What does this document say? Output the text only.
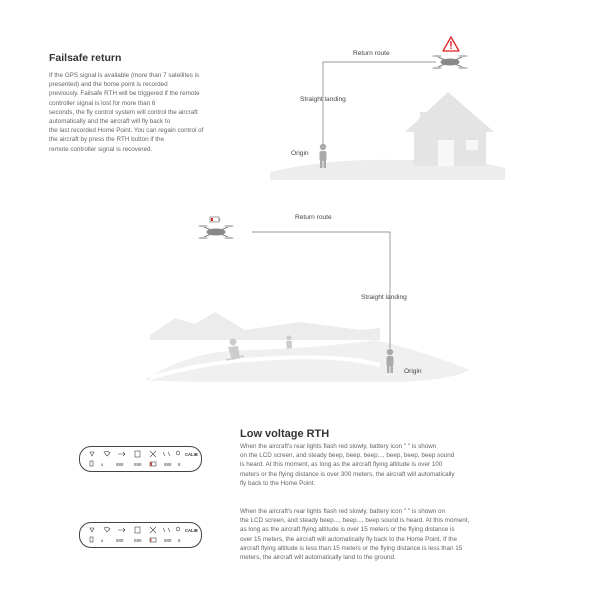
Failsafe return
If the GPS signal is available (more than 7 satellites is
presented) and the home point is recorded
previously. Failsafe RTH will be triggered if the remote
controller signal is lost for more than 6
seconds, the fly control system will control the aircraft
automatically and the aircraft will fly back to
the last recorded Home Point. You can regain control of
the aircraft by press the RTH button if the
remote controller signal is recovered.
Return route
Straight landing
Origin
Return route
Straight landing
Origin
Low voltage RTH
When the aircraft's rear lights flash red slowly, battery icon " " is shown
on the LCD screen, and steady beep, beep, beep..., beep, beep, beep sound
is heard. At this moment, as long as the aircraft flying altitude is over 100
meters or the flying distance is over 300 meters, the aircraft will automatically
fly back to the Home Point.
When the aircraft's rear lights flash red slowly, battery icon " " is shown on
the LCD screen, and steady beep..., beep..., beep sound is heard. At this moment,
as long as the aircraft flying altitude is over 15 meters or the flying distance is
over 15 meters, the aircraft will automatically fly back to the Home Point. If the
aircraft flying altitude is less than 15 meters or the flying distance is less than 15
meters, the aircraft will automatically land to the ground.
8	888 888	888 8
CALIB
8	888 888	888 8
CALIB
